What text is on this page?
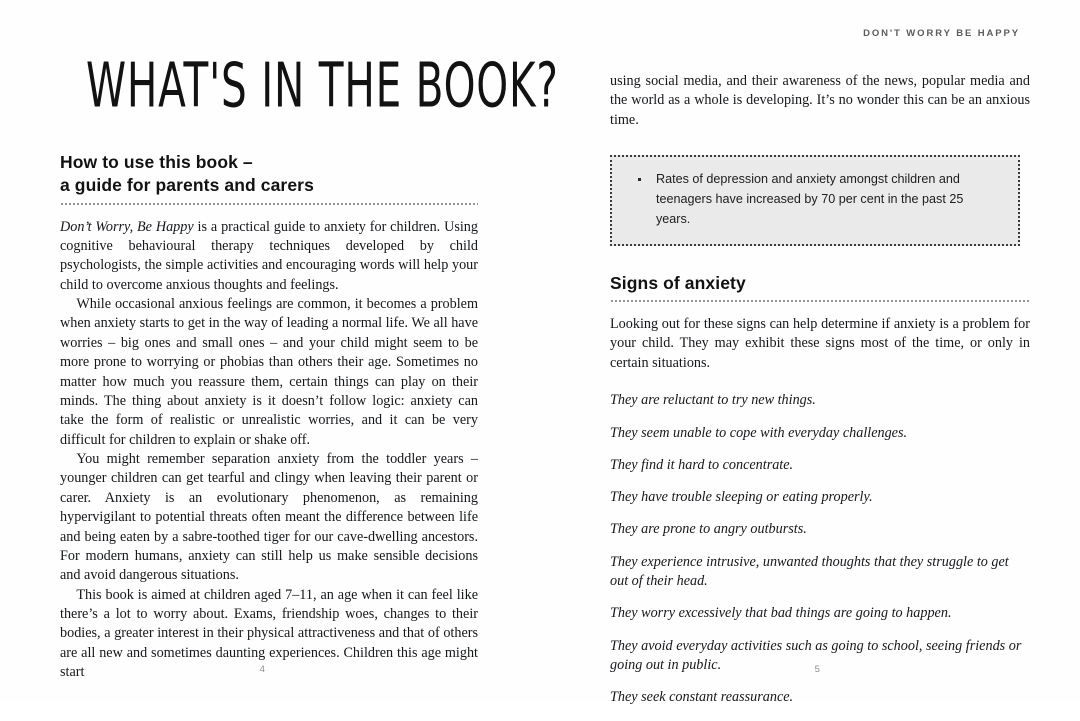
DON'T WORRY BE HAPPY
WHAT'S IN THE BOOK?
How to use this book –
a guide for parents and carers

Don’t Worry, Be Happy is a practical guide to anxiety for children. Using cognitive behavioural therapy techniques developed by child psychologists, the simple activities and encouraging words will help your child to overcome anxious thoughts and feelings.

While occasional anxious feelings are common, it becomes a problem when anxiety starts to get in the way of leading a normal life. We all have worries – big ones and small ones – and your child might seem to be more prone to worrying or phobias than others their age. Sometimes no matter how much you reassure them, certain things can play on their minds. The thing about anxiety is it doesn’t follow logic: anxiety can take the form of realistic or unrealistic worries, and it can be very difficult for children to explain or shake off.

You might remember separation anxiety from the toddler years – younger children can get tearful and clingy when leaving their parent or carer. Anxiety is an evolutionary phenomenon, as remaining hypervigilant to potential threats often meant the difference between life and being eaten by a sabre-toothed tiger for our cave-dwelling ancestors. For modern humans, anxiety can still help us make sensible decisions and avoid dangerous situations.

This book is aimed at children aged 7–11, an age when it can feel like there’s a lot to worry about. Exams, friendship woes, changes to their bodies, a greater interest in their physical attractiveness and that of others are all new and sometimes daunting experiences. Children this age might start

using social media, and their awareness of the news, popular media and the world as a whole is developing. It’s no wonder this can be an anxious time.

Rates of depression and anxiety amongst children and teenagers have increased by 70 per cent in the past 25 years.
Signs of anxiety

Looking out for these signs can help determine if anxiety is a problem for your child. They may exhibit these signs most of the time, or only in certain situations.

They are reluctant to try new things.
They seem unable to cope with everyday challenges.
They find it hard to concentrate.
They have trouble sleeping or eating properly.
They are prone to angry outbursts.
They experience intrusive, unwanted thoughts that they struggle to get out of their head.
They worry excessively that bad things are going to happen.
They avoid everyday activities such as going to school, seeing friends or going out in public.
They seek constant reassurance.
4	5
